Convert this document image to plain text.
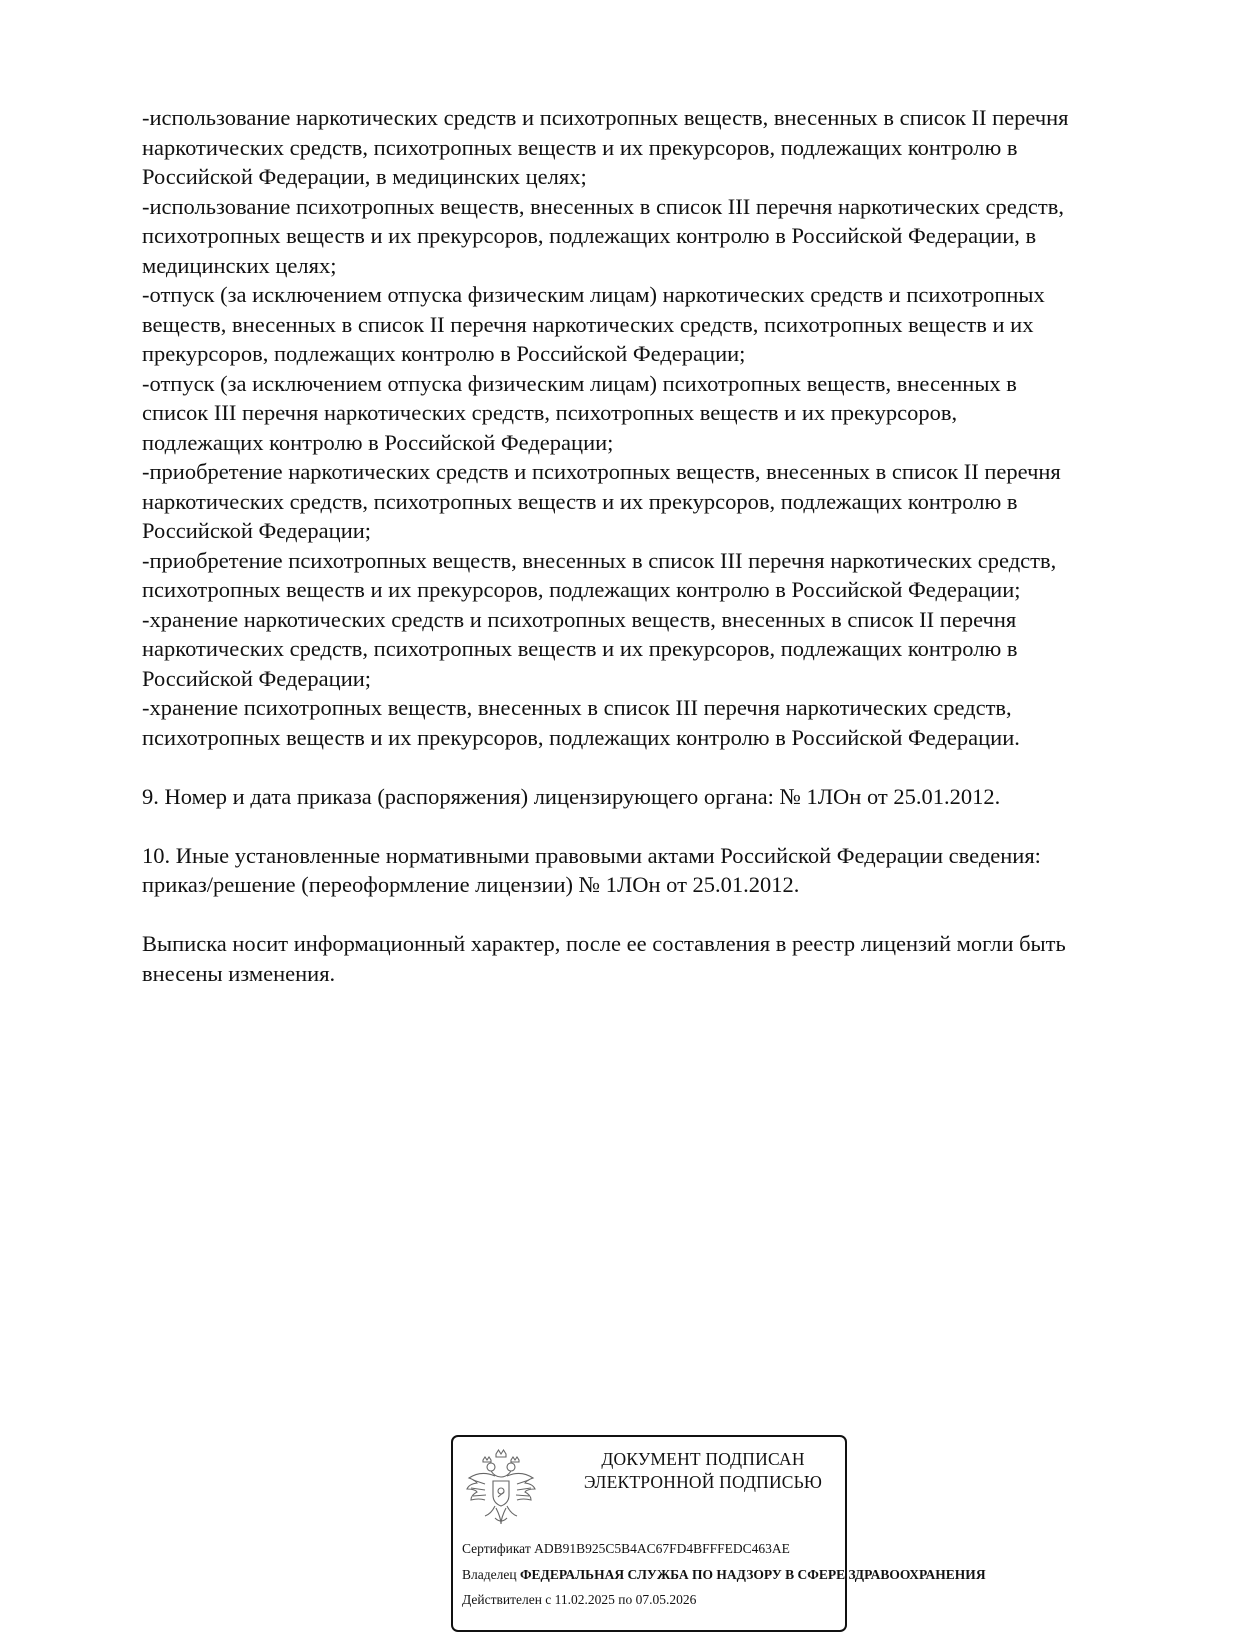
-использование наркотических средств и психотропных веществ, внесенных в список II перечня
наркотических средств, психотропных веществ и их прекурсоров, подлежащих контролю в
Российской Федерации, в медицинских целях;
-использование психотропных веществ, внесенных в список III перечня наркотических средств,
психотропных веществ и их прекурсоров, подлежащих контролю в Российской Федерации, в
медицинских целях;
-отпуск (за исключением отпуска физическим лицам) наркотических средств и психотропных
веществ, внесенных в список II перечня наркотических средств, психотропных веществ и их
прекурсоров, подлежащих контролю в Российской Федерации;
-отпуск (за исключением отпуска физическим лицам) психотропных веществ, внесенных в
список III перечня наркотических средств, психотропных веществ и их прекурсоров,
подлежащих контролю в Российской Федерации;
-приобретение наркотических средств и психотропных веществ, внесенных в список II перечня
наркотических средств, психотропных веществ и их прекурсоров, подлежащих контролю в
Российской Федерации;
-приобретение психотропных веществ, внесенных в список III перечня наркотических средств,
психотропных веществ и их прекурсоров, подлежащих контролю в Российской Федерации;
-хранение наркотических средств и психотропных веществ, внесенных в список II перечня
наркотических средств, психотропных веществ и их прекурсоров, подлежащих контролю в
Российской Федерации;
-хранение психотропных веществ, внесенных в список III перечня наркотических средств,
психотропных веществ и их прекурсоров, подлежащих контролю в Российской Федерации.

9. Номер и дата приказа (распоряжения) лицензирующего органа: № 1ЛОн от 25.01.2012.

10. Иные установленные нормативными правовыми актами Российской Федерации сведения:
приказ/решение (переоформление лицензии) № 1ЛОн от 25.01.2012.

Выписка носит информационный характер, после ее составления в реестр лицензий могли быть
внесены изменения.

ДОКУМЕНТ ПОДПИСАН
ЭЛЕКТРОННОЙ ПОДПИСЬЮ
Сертификат ADB91B925C5B4AC67FD4BFFFEDC463AE
Владелец ФЕДЕРАЛЬНАЯ СЛУЖБА ПО НАДЗОРУ В СФЕРЕ ЗДРАВООХРАНЕНИЯ
Действителен с 11.02.2025 по 07.05.2026
